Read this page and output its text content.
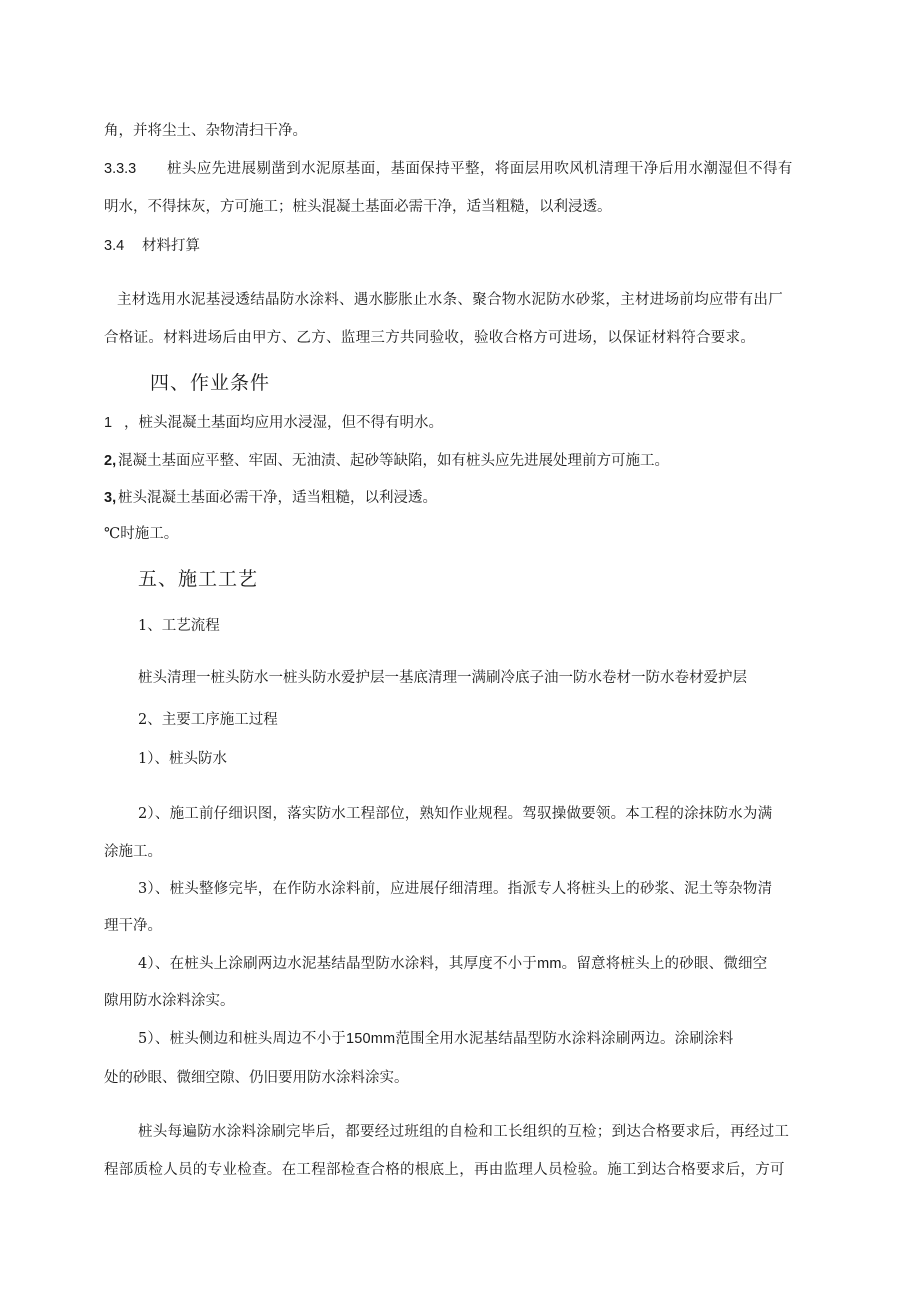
角，并将尘土、杂物清扫干净。
3.3.3 桩头应先进展剔凿到水泥原基面，基面保持平整，将面层用吹风机清理干净后用水潮湿但不得有
明水，不得抹灰，方可施工；桩头混凝土基面必需干净，适当粗糙，以利浸透。
3.4 材料打算
主材选用水泥基浸透结晶防水涂料、遇水膨胀止水条、聚合物水泥防水砂浆，主材进场前均应带有出厂
合格证。材料进场后由甲方、乙方、监理三方共同验收，验收合格方可进场，以保证材料符合要求。
四、作业条件
1 ，桩头混凝土基面均应用水浸湿，但不得有明水。
2, 混凝土基面应平整、牢固、无油渍、起砂等缺陷，如有桩头应先进展处理前方可施工。
3, 桩头混凝土基面必需干净，适当粗糙，以利浸透。
℃时施工。
五、施工工艺
1、工艺流程
桩头清理一桩头防水一桩头防水爱护层一基底清理一满刷冷底子油一防水卷材一防水卷材爱护层
2、主要工序施工过程
1）、桩头防水
2）、施工前仔细识图，落实防水工程部位，熟知作业规程。驾驭操做要领。本工程的涂抹防水为满
涂施工。
3）、桩头整修完毕，在作防水涂料前，应进展仔细清理。指派专人将桩头上的砂浆、泥土等杂物清
理干净。
4）、在桩头上涂刷两边水泥基结晶型防水涂料，其厚度不小于mm。留意将桩头上的砂眼、微细空
隙用防水涂料涂实。
5）、桩头侧边和桩头周边不小于150mm范围全用水泥基结晶型防水涂料涂刷两边。涂刷涂料
处的砂眼、微细空隙、仍旧要用防水涂料涂实。
桩头每遍防水涂料涂刷完毕后，都要经过班组的自检和工长组织的互检；到达合格要求后，再经过工
程部质检人员的专业检查。在工程部检查合格的根底上，再由监理人员检验。施工到达合格要求后，方可
